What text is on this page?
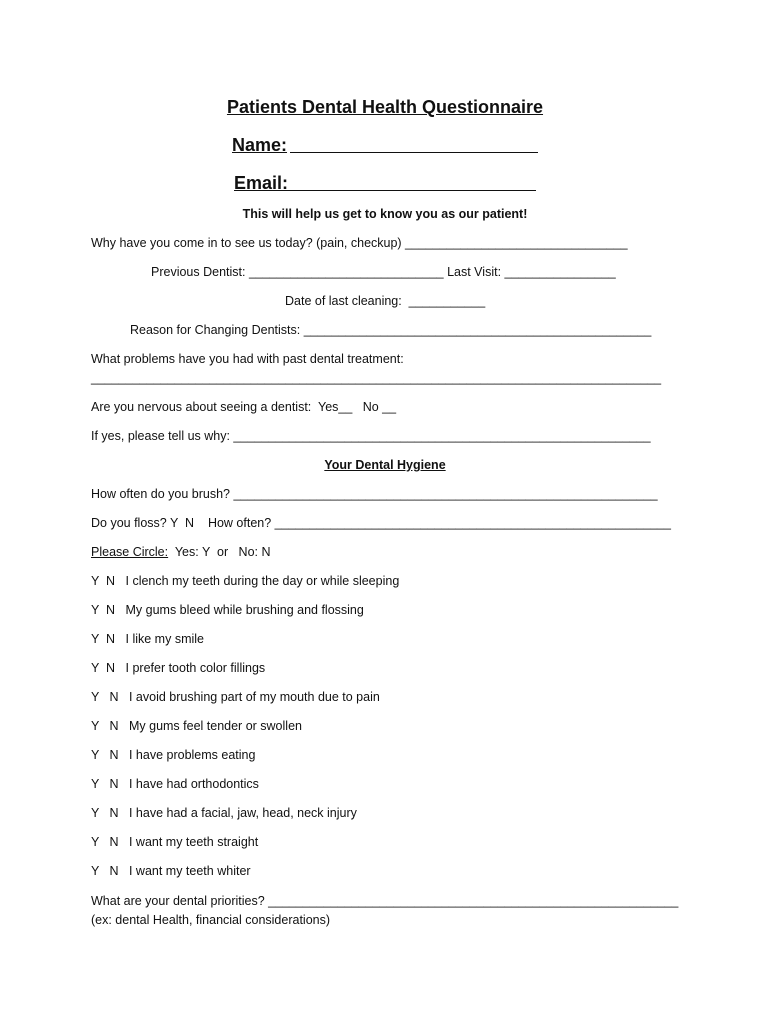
Patients Dental Health Questionnaire
Name:
Email:
This will help us get to know you as our patient!
Why have you come in to see us today? (pain, checkup) ________________________________
Previous Dentist: ____________________________ Last Visit: ________________
Date of last cleaning:  ___________
Reason for Changing Dentists: __________________________________________________
What problems have you had with past dental treatment:
__________________________________________________________________________________
Are you nervous about seeing a dentist:  Yes__   No __
If yes, please tell us why: ____________________________________________________________
Your Dental Hygiene
How often do you brush? _____________________________________________________________
Do you floss? Y  N    How often? _________________________________________________________
Please Circle:  Yes: Y  or   No: N
Y  N   I clench my teeth during the day or while sleeping
Y  N   My gums bleed while brushing and flossing
Y  N   I like my smile
Y  N   I prefer tooth color fillings
Y   N   I avoid brushing part of my mouth due to pain
Y   N   My gums feel tender or swollen
Y   N   I have problems eating
Y   N   I have had orthodontics
Y   N   I have had a facial, jaw, head, neck injury
Y   N   I want my teeth straight
Y   N   I want my teeth whiter
What are your dental priorities? ___________________________________________________________
(ex: dental Health, financial considerations)
